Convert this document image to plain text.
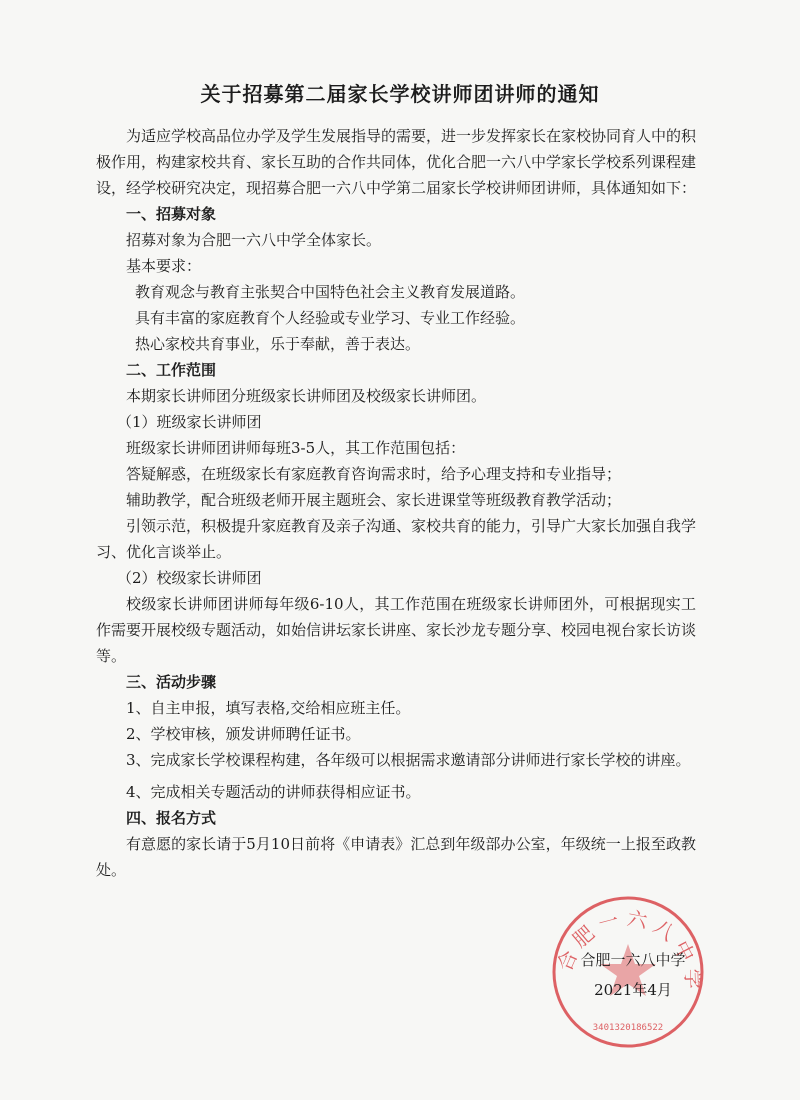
关于招募第二届家长学校讲师团讲师的通知

为适应学校高品位办学及学生发展指导的需要，进一步发挥家长在家校协同育人中的积极作用，构建家校共育、家长互助的合作共同体，优化合肥一六八中学家长学校系列课程建设，经学校研究决定，现招募合肥一六八中学第二届家长学校讲师团讲师，具体通知如下：

一、招募对象

招募对象为合肥一六八中学全体家长。

基本要求：

教育观念与教育主张契合中国特色社会主义教育发展道路。

具有丰富的家庭教育个人经验或专业学习、专业工作经验。

热心家校共育事业，乐于奉献，善于表达。

二、工作范围

本期家长讲师团分班级家长讲师团及校级家长讲师团。

（1）班级家长讲师团

班级家长讲师团讲师每班3-5人，其工作范围包括：

答疑解惑，在班级家长有家庭教育咨询需求时，给予心理支持和专业指导；

辅助教学，配合班级老师开展主题班会、家长进课堂等班级教育教学活动；

引领示范，积极提升家庭教育及亲子沟通、家校共育的能力，引导广大家长加强自我学习、优化言谈举止。

（2）校级家长讲师团

校级家长讲师团讲师每年级6-10人，其工作范围在班级家长讲师团外，可根据现实工作需要开展校级专题活动，如始信讲坛家长讲座、家长沙龙专题分享、校园电视台家长访谈等。

三、活动步骤

1、自主申报，填写表格,交给相应班主任。

2、学校审核，颁发讲师聘任证书。

3、完成家长学校课程构建，各年级可以根据需求邀请部分讲师进行家长学校的讲座。

4、完成相关专题活动的讲师获得相应证书。

四、报名方式

有意愿的家长请于5月10日前将《申请表》汇总到年级部办公室，年级统一上报至政教处。

合肥一六八中学
3401320186522
合肥一六八中学
2021年4月
